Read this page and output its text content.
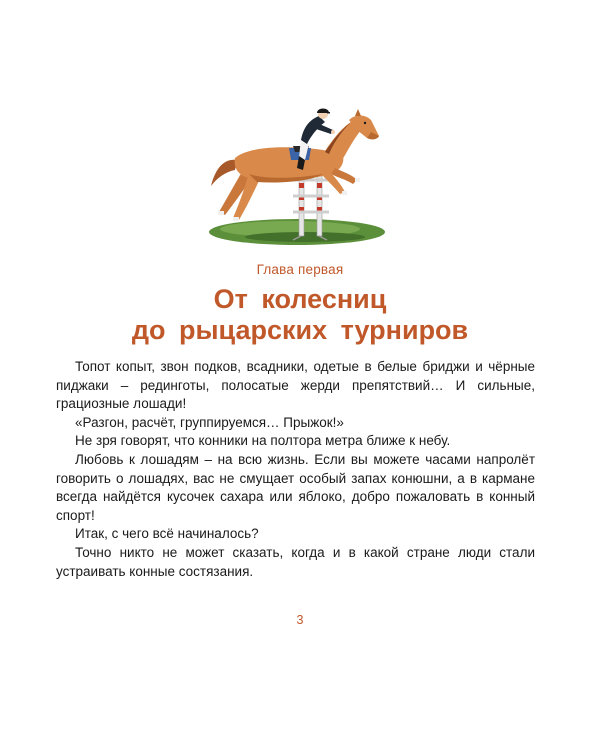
Глава первая
От колесниц
до рыцарских турниров

Топот копыт, звон подков, всадники, одетые в белые бриджи и чёрные пиджаки – рединготы, полосатые жерди препятствий… И сильные, грациозные лошади!

«Разгон, расчёт, группируемся… Прыжок!»

Не зря говорят, что конники на полтора метра ближе к небу.

Любовь к лошадям – на всю жизнь. Если вы можете часами напролёт говорить о лошадях, вас не смущает особый запах конюшни, а в кармане всегда найдётся кусочек сахара или яблоко, добро пожаловать в конный спорт!

Итак, с чего всё начиналось?

Точно никто не может сказать, когда и в какой стране люди стали устраивать конные состязания.

3
